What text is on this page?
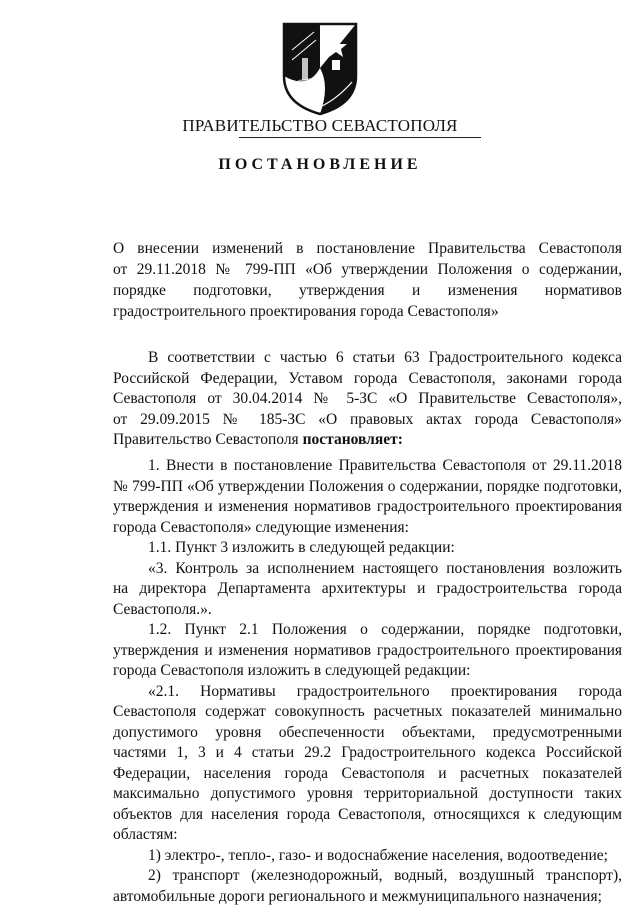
ПРАВИТЕЛЬСТВО СЕВАСТОПОЛЯ
ПОСТАНОВЛЕНИЕ
О внесении изменений в постановление Правительства Севастополя
от 29.11.2018 № 799-ПП «Об утверждении Положения о содержании,
порядке подготовки, утверждения и изменения нормативов
градостроительного проектирования города Севастополя»
В соответствии с частью 6 статьи 63 Градостроительного кодекса
Российской Федерации, Уставом города Севастополя, законами города
Севастополя от 30.04.2014 № 5-ЗС «О Правительстве Севастополя»,
от 29.09.2015 № 185-ЗС «О правовых актах города Севастополя»
Правительство Севастополя постановляет:
1. Внести в постановление Правительства Севастополя от 29.11.2018
№ 799-ПП «Об утверждении Положения о содержании, порядке подготовки,
утверждения и изменения нормативов градостроительного проектирования
города Севастополя» следующие изменения:
1.1. Пункт 3 изложить в следующей редакции:
«3. Контроль за исполнением настоящего постановления возложить
на директора Департамента архитектуры и градостроительства города
Севастополя.».
1.2. Пункт 2.1 Положения о содержании, порядке подготовки,
утверждения и изменения нормативов градостроительного проектирования
города Севастополя изложить в следующей редакции:
«2.1. Нормативы градостроительного проектирования города
Севастополя содержат совокупность расчетных показателей минимально
допустимого уровня обеспеченности объектами, предусмотренными
частями 1, 3 и 4 статьи 29.2 Градостроительного кодекса Российской
Федерации, населения города Севастополя и расчетных показателей
максимально допустимого уровня территориальной доступности таких
объектов для населения города Севастополя, относящихся к следующим
областям:
1) электро-, тепло-, газо- и водоснабжение населения, водоотведение;
2) транспорт (железнодорожный, водный, воздушный транспорт),
автомобильные дороги регионального и межмуниципального назначения;
